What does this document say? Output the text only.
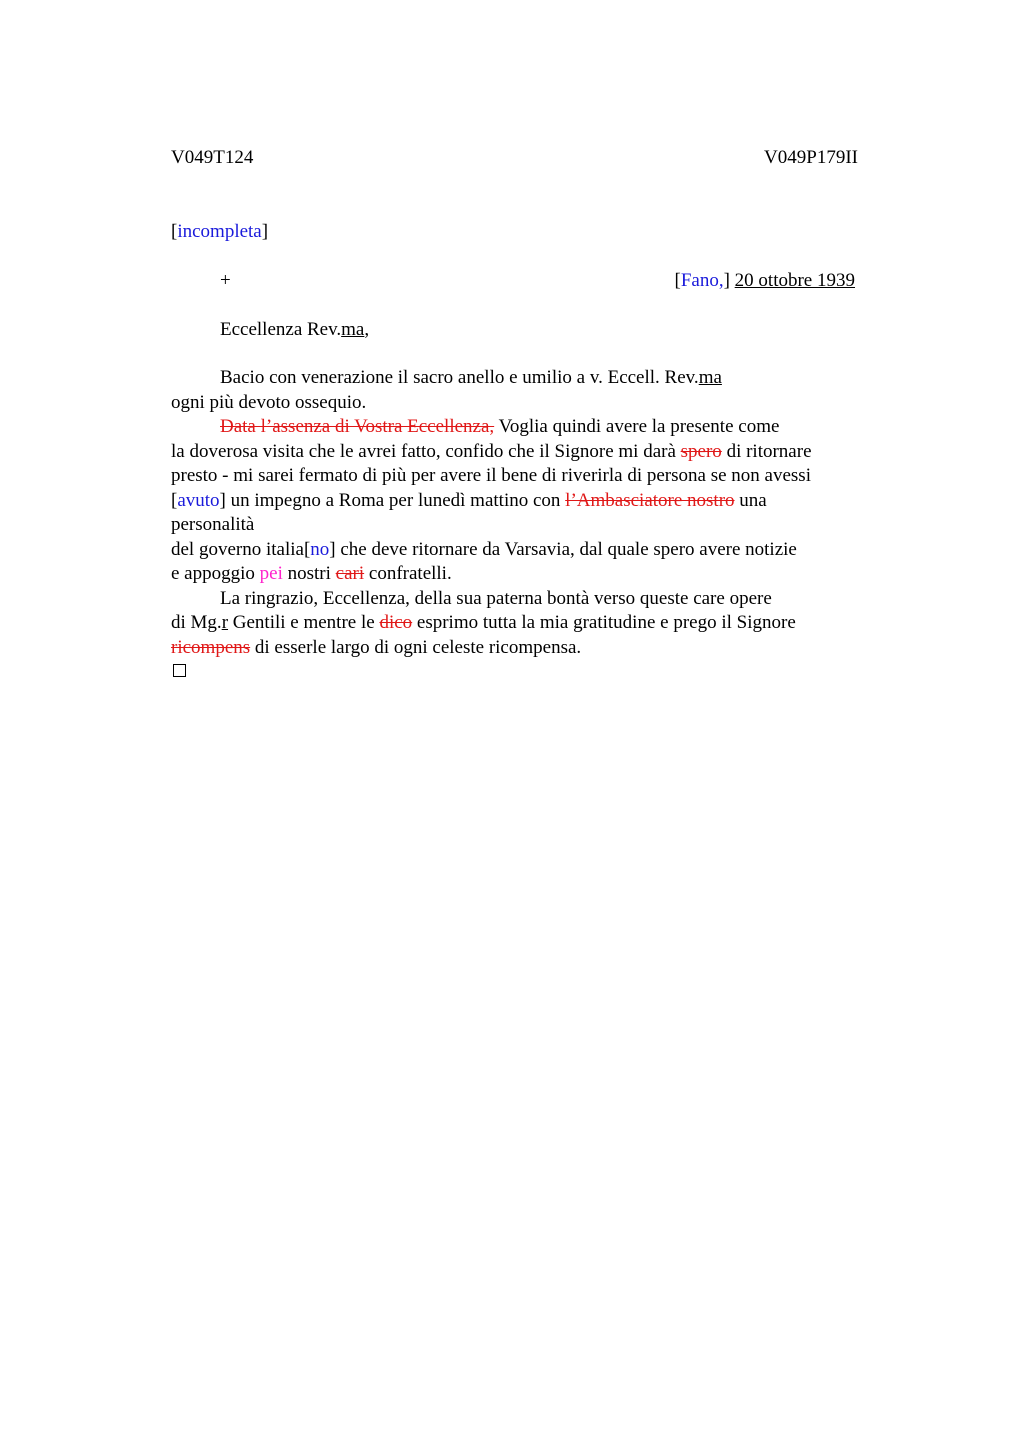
V049T124	V049P179II
[incompleta]
+	[Fano,] 20 ottobre 1939
Eccellenza Rev.ma,
Bacio con venerazione il sacro anello e umilio a v. Eccell. Rev.ma
ogni più devoto ossequio.
Data l’assenza di Vostra Eccellenza, Voglia quindi avere la presente come
la doverosa visita che le avrei fatto, confido che il Signore mi darà spero di ritornare
presto - mi sarei fermato di più per avere il bene di riverirla di persona se non avessi
[avuto] un impegno a Roma per lunedì mattino con l’Ambasciatore nostro una
personalità
del governo italia[no] che deve ritornare da Varsavia, dal quale spero avere notizie
e appoggio pei nostri cari confratelli.
La ringrazio, Eccellenza, della sua paterna bontà verso queste care opere
di Mg.r Gentili e mentre le dico esprimo tutta la mia gratitudine e prego il Signore
ricompens di esserle largo di ogni celeste ricompensa.
